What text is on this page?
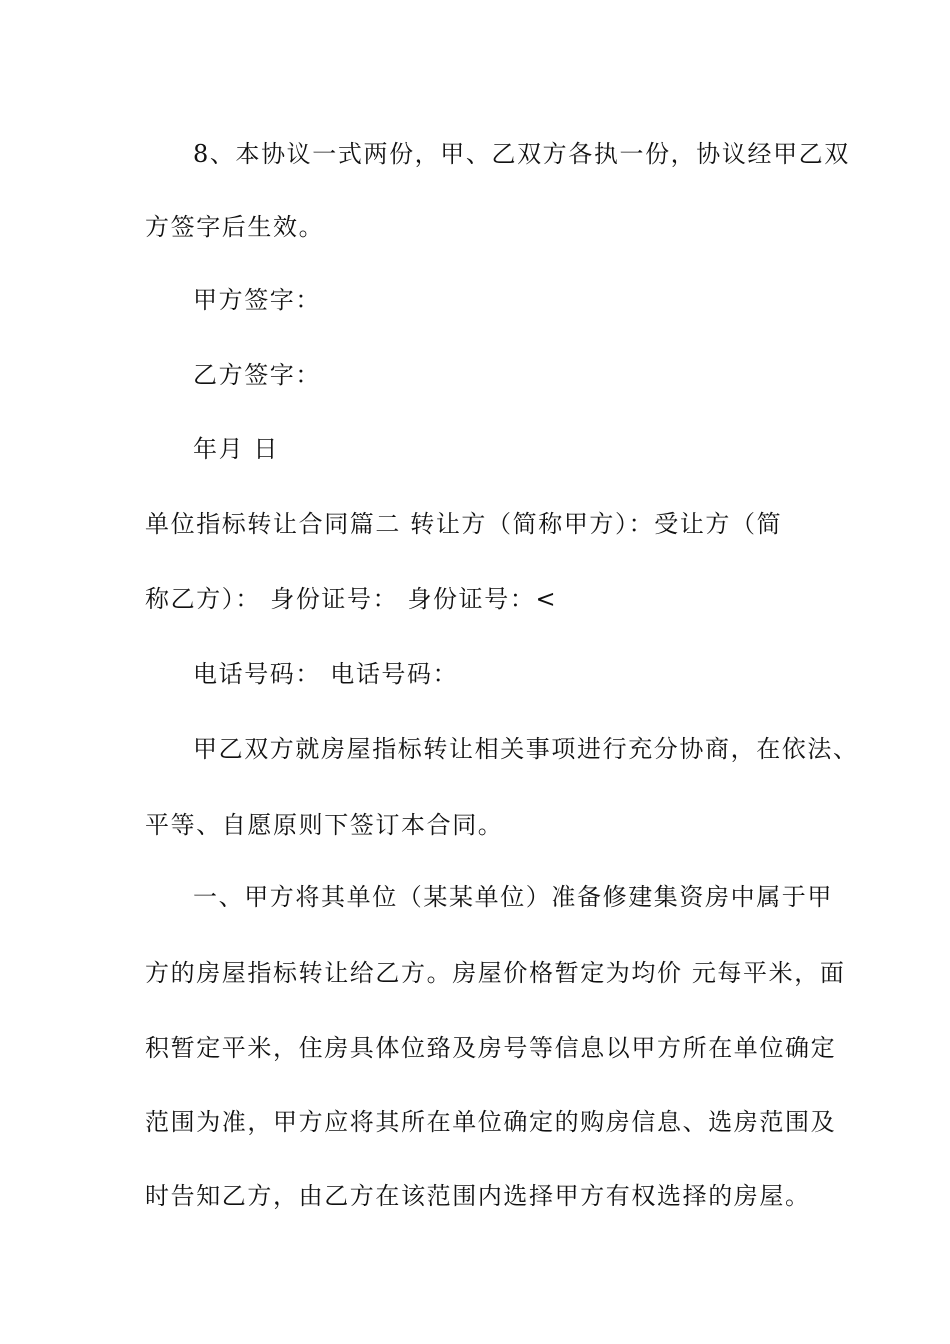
8、本协议一式两份，甲、乙双方各执一份，协议经甲乙双
方签字后生效。
甲方签字：
乙方签字：
年月 日
单位指标转让合同篇二 转让方（简称甲方）：受让方（简
称乙方）： 身份证号： 身份证号：<
电话号码： 电话号码：
甲乙双方就房屋指标转让相关事项进行充分协商，在依法、
平等、自愿原则下签订本合同。
一、甲方将其单位（某某单位）准备修建集资房中属于甲
方的房屋指标转让给乙方。房屋价格暂定为均价 元每平米，面
积暂定平米，住房具体位臵及房号等信息以甲方所在单位确定
范围为准，甲方应将其所在单位确定的购房信息、选房范围及
时告知乙方，由乙方在该范围内选择甲方有权选择的房屋。
